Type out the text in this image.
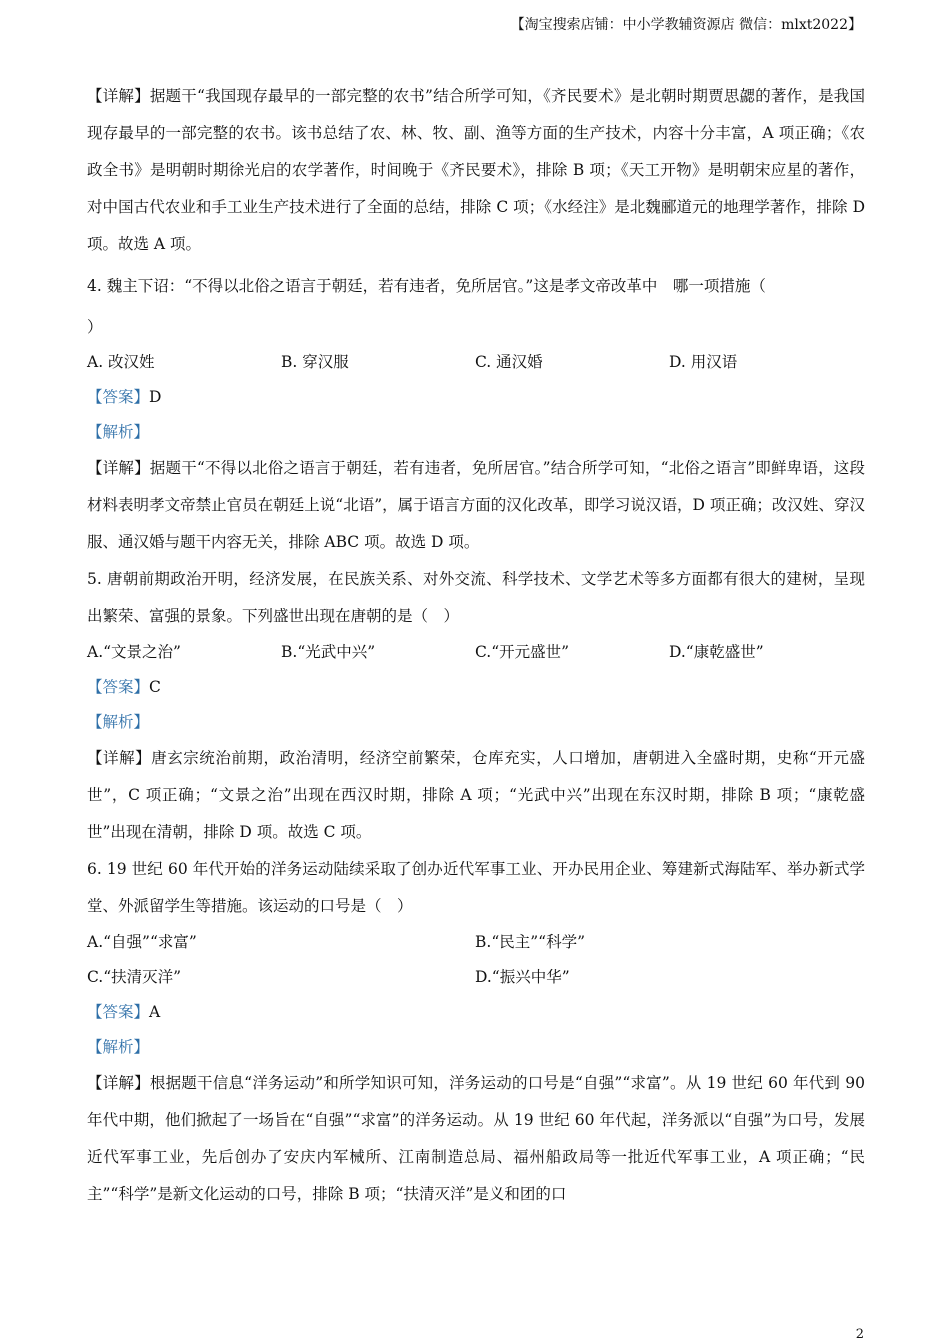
【淘宝搜索店铺：中小学教辅资源店 微信：mlxt2022】

【详解】据题干“我国现存最早的一部完整的农书”结合所学可知，《齐民要术》是北朝时期贾思勰的著作，是我国现存最早的一部完整的农书。该书总结了农、林、牧、副、渔等方面的生产技术，内容十分丰富，A 项正确；《农政全书》是明朝时期徐光启的农学著作，时间晚于《齐民要术》，排除 B 项；《天工开物》是明朝宋应星的著作，对中国古代农业和手工业生产技术进行了全面的总结，排除 C 项；《水经注》是北魏郦道元的地理学著作，排除 D 项。故选 A 项。

4. 魏主下诏：“不得以北俗之语言于朝廷，若有违者，免所居官。”这是孝文帝改革中　哪一项措施（

）

A. 改汉姓	B. 穿汉服	C. 通汉婚	D. 用汉语

【答案】D

【解析】

【详解】据题干“不得以北俗之语言于朝廷，若有违者，免所居官。”结合所学可知，“北俗之语言”即鲜卑语，这段材料表明孝文帝禁止官员在朝廷上说“北语”，属于语言方面的汉化改革，即学习说汉语，D 项正确；改汉姓、穿汉服、通汉婚与题干内容无关，排除 ABC 项。故选 D 项。

5. 唐朝前期政治开明，经济发展，在民族关系、对外交流、科学技术、文学艺术等多方面都有很大的建树，呈现出繁荣、富强的景象。下列盛世出现在唐朝的是（　）

A.“文景之治”	B.“光武中兴”	C.“开元盛世”	D.“康乾盛世”

【答案】C

【解析】

【详解】唐玄宗统治前期，政治清明，经济空前繁荣，仓库充实，人口增加，唐朝进入全盛时期，史称“开元盛世”，C 项正确；“文景之治”出现在西汉时期，排除 A 项；“光武中兴”出现在东汉时期，排除 B 项；“康乾盛世”出现在清朝，排除 D 项。故选 C 项。

6. 19 世纪 60 年代开始的洋务运动陆续采取了创办近代军事工业、开办民用企业、筹建新式海陆军、举办新式学堂、外派留学生等措施。该运动的口号是（　）

A.“自强”“求富”	B.“民主”“科学”
C.“扶清灭洋”	D.“振兴中华”

【答案】A

【解析】

【详解】根据题干信息“洋务运动”和所学知识可知，洋务运动的口号是“自强”“求富”。从 19 世纪 60 年代到 90 年代中期，他们掀起了一场旨在“自强”“求富”的洋务运动。从 19 世纪 60 年代起，洋务派以“自强”为口号，发展近代军事工业，先后创办了安庆内军械所、江南制造总局、福州船政局等一批近代军事工业，A 项正确；“民主”“科学”是新文化运动的口号，排除 B 项；“扶清灭洋”是义和团的口

2
